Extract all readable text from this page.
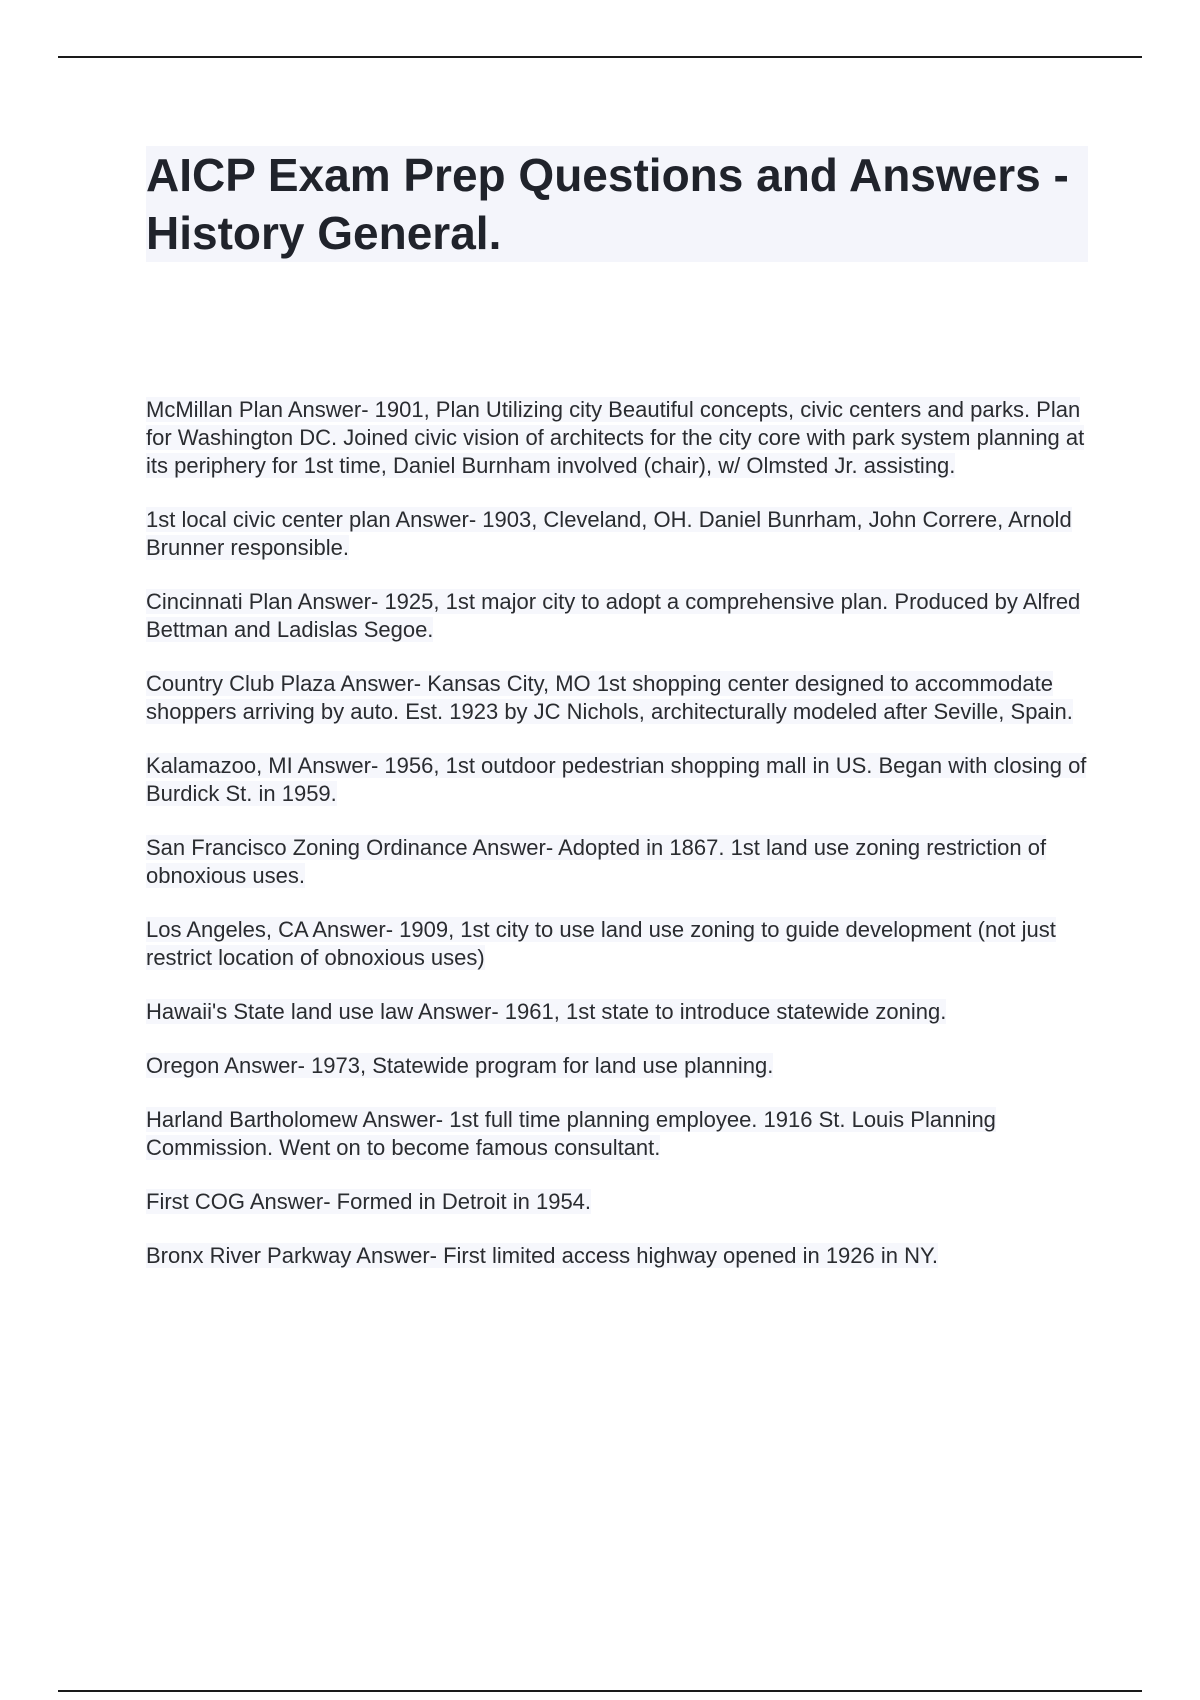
AICP Exam Prep Questions and Answers - History General.

McMillan Plan Answer- 1901, Plan Utilizing city Beautiful concepts, civic centers and parks. Plan for Washington DC. Joined civic vision of architects for the city core with park system planning at its periphery for 1st time, Daniel Burnham involved (chair), w/ Olmsted Jr. assisting.

1st local civic center plan Answer- 1903, Cleveland, OH. Daniel Bunrham, John Correre, Arnold Brunner responsible.

Cincinnati Plan Answer- 1925, 1st major city to adopt a comprehensive plan. Produced by Alfred Bettman and Ladislas Segoe.

Country Club Plaza Answer- Kansas City, MO 1st shopping center designed to accommodate shoppers arriving by auto. Est. 1923 by JC Nichols, architecturally modeled after Seville, Spain.

Kalamazoo, MI Answer- 1956, 1st outdoor pedestrian shopping mall in US. Began with closing of Burdick St. in 1959.

San Francisco Zoning Ordinance Answer- Adopted in 1867. 1st land use zoning restriction of obnoxious uses.

Los Angeles, CA Answer- 1909, 1st city to use land use zoning to guide development (not just restrict location of obnoxious uses)

Hawaii's State land use law Answer- 1961, 1st state to introduce statewide zoning.

Oregon Answer- 1973, Statewide program for land use planning.

Harland Bartholomew Answer- 1st full time planning employee. 1916 St. Louis Planning Commission. Went on to become famous consultant.

First COG Answer- Formed in Detroit in 1954.

Bronx River Parkway Answer- First limited access highway opened in 1926 in NY.
